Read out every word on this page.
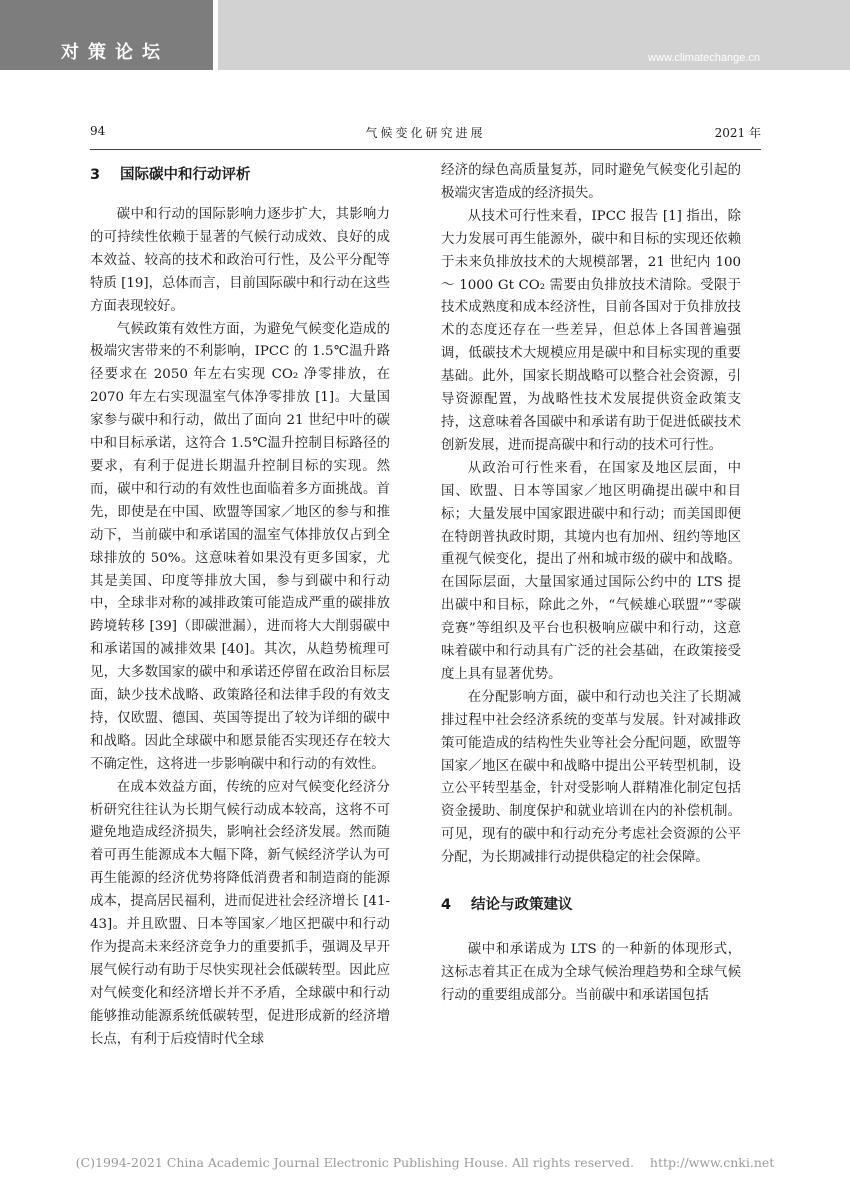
对策论坛	www.climatechange.cn
94	气候变化研究进展	2021 年
3 国际碳中和行动评析

碳中和行动的国际影响力逐步扩大，其影响力的可持续性依赖于显著的气候行动成效、良好的成本效益、较高的技术和政治可行性，及公平分配等特质 [19]，总体而言，目前国际碳中和行动在这些方面表现较好。

气候政策有效性方面，为避免气候变化造成的极端灾害带来的不利影响，IPCC 的 1.5℃温升路径要求在 2050 年左右实现 CO₂ 净零排放，在 2070 年左右实现温室气体净零排放 [1]。大量国家参与碳中和行动，做出了面向 21 世纪中叶的碳中和目标承诺，这符合 1.5℃温升控制目标路径的要求，有利于促进长期温升控制目标的实现。然而，碳中和行动的有效性也面临着多方面挑战。首先，即使是在中国、欧盟等国家／地区的参与和推动下，当前碳中和承诺国的温室气体排放仅占到全球排放的 50%。这意味着如果没有更多国家，尤其是美国、印度等排放大国，参与到碳中和行动中，全球非对称的减排政策可能造成严重的碳排放跨境转移 [39]（即碳泄漏），进而将大大削弱碳中和承诺国的减排效果 [40]。其次，从趋势梳理可见，大多数国家的碳中和承诺还停留在政治目标层面，缺少技术战略、政策路径和法律手段的有效支持，仅欧盟、德国、英国等提出了较为详细的碳中和战略。因此全球碳中和愿景能否实现还存在较大不确定性，这将进一步影响碳中和行动的有效性。

在成本效益方面，传统的应对气候变化经济分析研究往往认为长期气候行动成本较高，这将不可避免地造成经济损失，影响社会经济发展。然而随着可再生能源成本大幅下降，新气候经济学认为可再生能源的经济优势将降低消费者和制造商的能源成本，提高居民福利，进而促进社会经济增长 [41-43]。并且欧盟、日本等国家／地区把碳中和行动作为提高未来经济竞争力的重要抓手，强调及早开展气候行动有助于尽快实现社会低碳转型。因此应对气候变化和经济增长并不矛盾，全球碳中和行动能够推动能源系统低碳转型，促进形成新的经济增长点，有利于后疫情时代全球

经济的绿色高质量复苏，同时避免气候变化引起的极端灾害造成的经济损失。

从技术可行性来看，IPCC 报告 [1] 指出，除大力发展可再生能源外，碳中和目标的实现还依赖于未来负排放技术的大规模部署，21 世纪内 100 ～ 1000 Gt CO₂ 需要由负排放技术清除。受限于技术成熟度和成本经济性，目前各国对于负排放技术的态度还存在一些差异，但总体上各国普遍强调，低碳技术大规模应用是碳中和目标实现的重要基础。此外，国家长期战略可以整合社会资源，引导资源配置，为战略性技术发展提供资金政策支持，这意味着各国碳中和承诺有助于促进低碳技术创新发展，进而提高碳中和行动的技术可行性。

从政治可行性来看，在国家及地区层面，中国、欧盟、日本等国家／地区明确提出碳中和目标；大量发展中国家跟进碳中和行动；而美国即便在特朗普执政时期，其境内也有加州、纽约等地区重视气候变化，提出了州和城市级的碳中和战略。在国际层面，大量国家通过国际公约中的 LTS 提出碳中和目标，除此之外，“气候雄心联盟”“零碳竞赛”等组织及平台也积极响应碳中和行动，这意味着碳中和行动具有广泛的社会基础，在政策接受度上具有显著优势。

在分配影响方面，碳中和行动也关注了长期减排过程中社会经济系统的变革与发展。针对减排政策可能造成的结构性失业等社会分配问题，欧盟等国家／地区在碳中和战略中提出公平转型机制，设立公平转型基金，针对受影响人群精准化制定包括资金援助、制度保护和就业培训在内的补偿机制。可见，现有的碳中和行动充分考虑社会资源的公平分配，为长期减排行动提供稳定的社会保障。

4 结论与政策建议

碳中和承诺成为 LTS 的一种新的体现形式，这标志着其正在成为全球气候治理趋势和全球气候行动的重要组成部分。当前碳中和承诺国包括

(C)1994-2021 China Academic Journal Electronic Publishing House. All rights reserved. http://www.cnki.net
